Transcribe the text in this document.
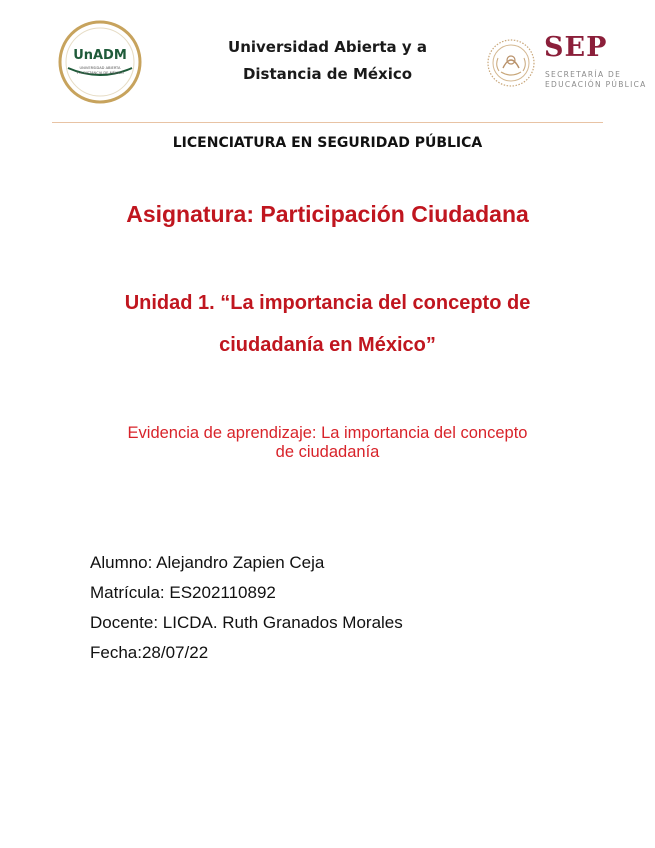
UnADM
UNIVERSIDAD ABIERTA
Y A DISTANCIA DE MÉXICO
Universidad Abierta y a
Distancia de México
SEP
SECRETARÍA DE
EDUCACIÓN PÚBLICA
LICENCIATURA EN SEGURIDAD PÚBLICA
Asignatura: Participación Ciudadana
Unidad 1. “La importancia del concepto de
ciudadanía en México”
Evidencia de aprendizaje: La importancia del concepto
de ciudadanía
Alumno: Alejandro Zapien Ceja
Matrícula: ES202110892
Docente: LICDA. Ruth Granados Morales
Fecha:28/07/22
